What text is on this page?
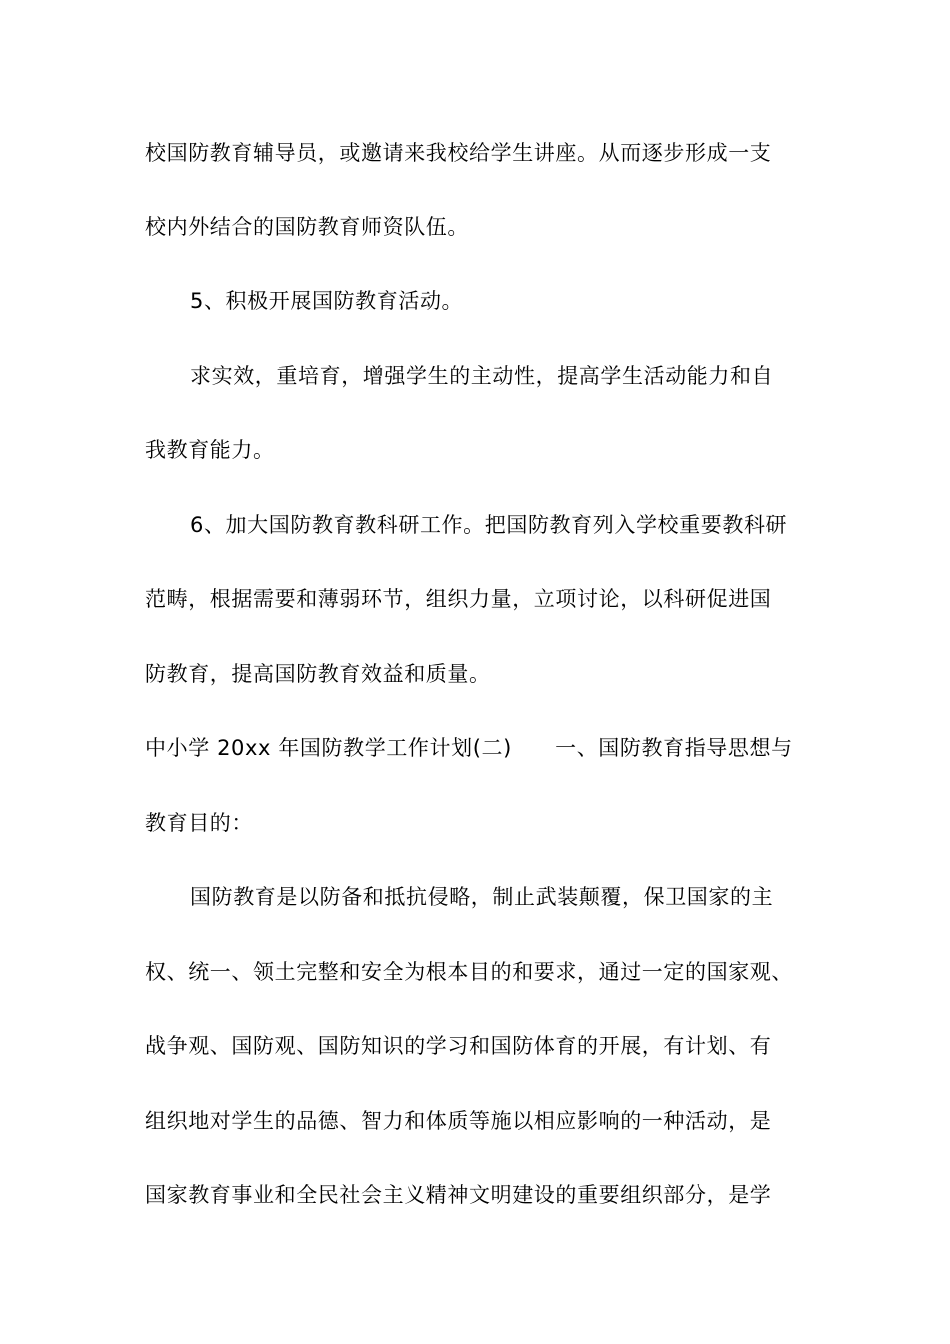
校国防教育辅导员，或邀请来我校给学生讲座。从而逐步形成一支
校内外结合的国防教育师资队伍。
5、积极开展国防教育活动。
求实效，重培育，增强学生的主动性，提高学生活动能力和自
我教育能力。
6、加大国防教育教科研工作。把国防教育列入学校重要教科研
范畴，根据需要和薄弱环节，组织力量，立项讨论，以科研促进国
防教育，提高国防教育效益和质量。
中小学 20xx 年国防教学工作计划(二)　　一、国防教育指导思想与
教育目的：
国防教育是以防备和抵抗侵略，制止武装颠覆，保卫国家的主
权、统一、领土完整和安全为根本目的和要求，通过一定的国家观、
战争观、国防观、国防知识的学习和国防体育的开展，有计划、有
组织地对学生的品德、智力和体质等施以相应影响的一种活动，是
国家教育事业和全民社会主义精神文明建设的重要组织部分，是学
